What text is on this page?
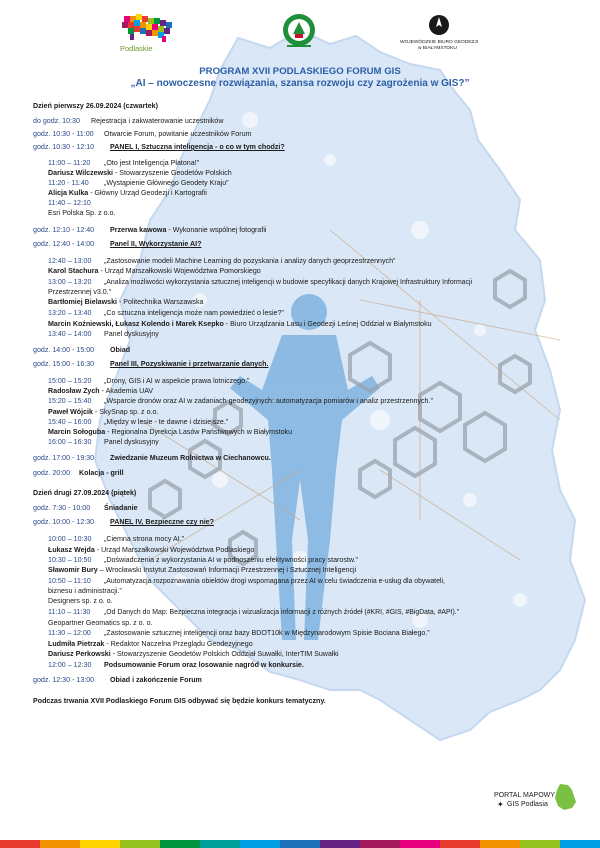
Podlaskie
WOJEWÓDZKIE BIURO GEODEZJI
w BIAŁYMSTOKU
PROGRAM XVII PODLASKIEGO FORUM GIS
„AI – nowoczesne rozwiązania, szansa rozwoju czy zagrożenia w GIS?”
Dzień pierwszy 26.09.2024 (czwartek)
do godz. 10:30 Rejestracja i zakwaterowanie uczestników
godz. 10:30 - 11:00 Otwarcie Forum, powitanie uczestników Forum
godz. 10:30 - 12:10 PANEL I, Sztuczna inteligencja - o co w tym chodzi?
11:00 – 11:20 „Oto jest Inteligencja Płatona!”
Dariusz Wilczewski - Stowarzyszenie Geodetów Polskich
11:20 - 11:40 „Wystąpienie Głównego Geodety Kraju”
Alicja Kulka - Główny Urząd Geodezji i Kartografii
11:40 – 12:10
Esri Polska Sp. z o.o.
godz. 12:10 - 12:40 Przerwa kawowa - Wykonanie wspólnej fotografii
godz. 12:40 - 14:00 Panel II, Wykorzystanie AI?
12:40 – 13:00 „Zastosowanie modeli Machine Learning do pozyskania i analizy danych geoprzestrzennych”
Karol Stachura - Urząd Marszałkowski Województwa Pomorskiego
13:00 – 13:20 „Analiza możliwości wykorzystania sztucznej inteligencji w budowie specyfikacji danych Krajowej Infrastruktury Informacji
Przestrzennej v3.0.”
Bartłomiej Bielawski - Politechnika Warszawska
13:20 – 13:40 „Co sztuczna inteligencja może nam powiedzieć o lesie?”
Marcin Koźniewski, Łukasz Kolendo i Marek Ksepko - Biuro Urządzania Lasu i Geodezji Leśnej Oddział w Białymstoku
13:40 – 14:00 Panel dyskusyjny
godz. 14:00 - 15:00 Obiad
godz. 15:00 - 16:30 Panel III, Pozyskiwanie i przetwarzanie danych.
15:00 – 15:20 „Drony, GIS i AI w aspekcie prawa lotniczego.”
Radosław Zych - Akademia UAV
15:20 – 15:40 „Wsparcie dronów oraz AI w zadaniach geodezyjnych: automatyzacja pomiarów i analiz przestrzennych.”
Paweł Wójcik - SkySnap sp. z o.o.
15:40 – 16:00 „Między w lesie - te dawne i dzisiejsze.”
Marcin Sołoguba - Regionalna Dyrekcja Lasów Państwowych w Białymstoku
16:00 – 16:30 Panel dyskusyjny
godz. 17:00 - 19:30 Zwiedzanie Muzeum Rolnictwa w Ciechanowcu.
godz. 20:00 Kolacja - grill
Dzień drugi 27.09.2024 (piątek)
godz. 7:30 - 10:00 Śniadanie
godz. 10:00 - 12:30 PANEL IV, Bezpieczne czy nie?
10:00 – 10:30 „Ciemna strona mocy AI.”
Łukasz Wejda - Urząd Marszałkowski Województwa Podlaskiego
10:30 – 10:50 „Doświadczenia z wykorzystania AI w podnoszeniu efektywności pracy starostw.”
Sławomir Bury – Wrocławski Instytut Zastosowań Informacji Przestrzennej i Sztucznej Inteligencji
10:50 – 11:10 „Automatyzacja rozpoznawania obiektów drogi wspomagana przez AI w celu świadczenia e-usług dla obywateli,
biznesu i administracji.”
Designers sp. z o. o.
11:10 – 11:30 „Od Danych do Map: Bezpieczna integracja i wizualizacja informacji z różnych źródeł (#KRI, #GIS, #BigData, #API).”
Geopartner Geomatics sp. z o. o.
11:30 – 12:00 „Zastosowanie sztucznej inteligencji oraz bazy BDOT10k w Międzynarodowym Spisie Bociana Białego.”
Ludmiła Pietrzak - Redaktor Naczelna Przeglądu Geodezyjnego
Dariusz Perkowski - Stowarzyszenie Geodetów Polskich Oddział Suwałki, InterTIM Suwałki
12:00 – 12:30 Podsumowanie Forum oraz losowanie nagród w konkursie.
godz. 12:30 - 13:00 Obiad i zakończenie Forum
Podczas trwania XVII Podlaskiego Forum GIS odbywać się będzie konkurs tematyczny.
PORTAL MAPOWY
✦ GIS Podlasia
